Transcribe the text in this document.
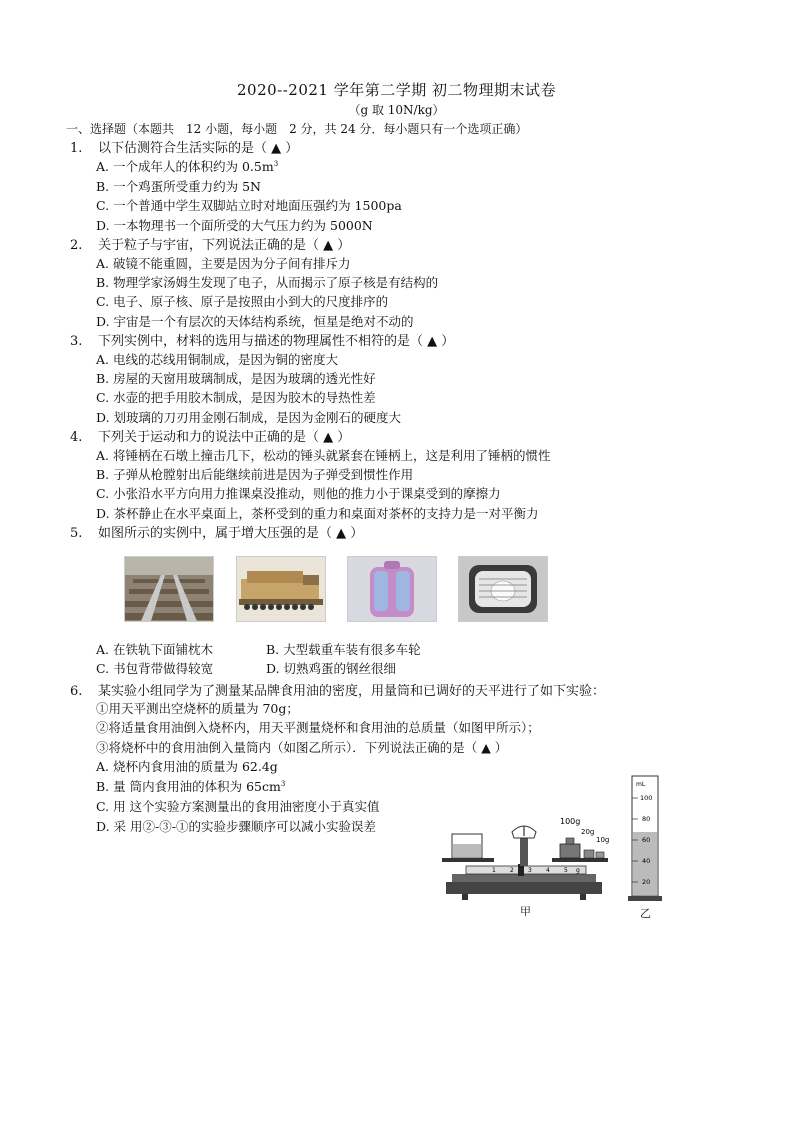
2020--2021 学年第二学期 初二物理期末试卷
（g 取 10N/kg）
一、选择题（本题共　12 小题，每小题　2 分，共 24 分．每小题只有一个选项正确）
1. 以下估测符合生活实际的是（ ▲ ）
A. 一个成年人的体积约为 $0.5m^3$
B. 一个鸡蛋所受重力约为 5N
C. 一个普通中学生双脚站立时对地面压强约为 1500pa
D. 一本物理书一个面所受的大气压力约为 5000N
2. 关于粒子与宇宙，下列说法正确的是（ ▲ ）
A. 破镜不能重圆，主要是因为分子间有排斥力
B. 物理学家汤姆生发现了电子，从而揭示了原子核是有结构的
C. 电子、原子核、原子是按照由小到大的尺度排序的
D. 宇宙是一个有层次的天体结构系统，恒星是绝对不动的
3. 下列实例中，材料的选用与描述的物理属性不相符的是（ ▲ ）
A. 电线的芯线用铜制成，是因为铜的密度大
B. 房屋的天窗用玻璃制成，是因为玻璃的透光性好
C. 水壶的把手用胶木制成，是因为胶木的导热性差
D. 划玻璃的刀刃用金刚石制成，是因为金刚石的硬度大
4. 下列关于运动和力的说法中正确的是（ ▲ ）
A. 将锤柄在石墩上撞击几下，松动的锤头就紧套在锤柄上，这是利用了锤柄的惯性
B. 子弹从枪膛射出后能继续前进是因为子弹受到惯性作用
C. 小张沿水平方向用力推课桌没推动，则他的推力小于课桌受到的摩擦力
D. 茶杯静止在水平桌面上，茶杯受到的重力和桌面对茶杯的支持力是一对平衡力
5. 如图所示的实例中，属于增大压强的是（ ▲ ）
A. 在铁轨下面铺枕木	B. 大型载重车装有很多车轮
C. 书包背带做得较宽	D. 切熟鸡蛋的钢丝很细
6. 某实验小组同学为了测量某品牌食用油的密度，用量筒和已调好的天平进行了如下实验：
①用天平测出空烧杯的质量为 70g；
②将适量食用油倒入烧杯内，用天平测量烧杯和食用油的总质量（如图甲所示）；
③将烧杯中的食用油倒入量筒内（如图乙所示）．下列说法正确的是（ ▲ ）
A. 烧杯内食用油的质量为 62.4g
B. 量 筒内食用油的体积为 $65cm^3$
C. 用 这个实验方案测量出的食用油密度小于真实值
D. 采 用②-③-①的实验步骤顺序可以减小实验误差
1 2 3 4 5 g
100g
20g
10g
甲
mL
100
80
60
40
20
乙
